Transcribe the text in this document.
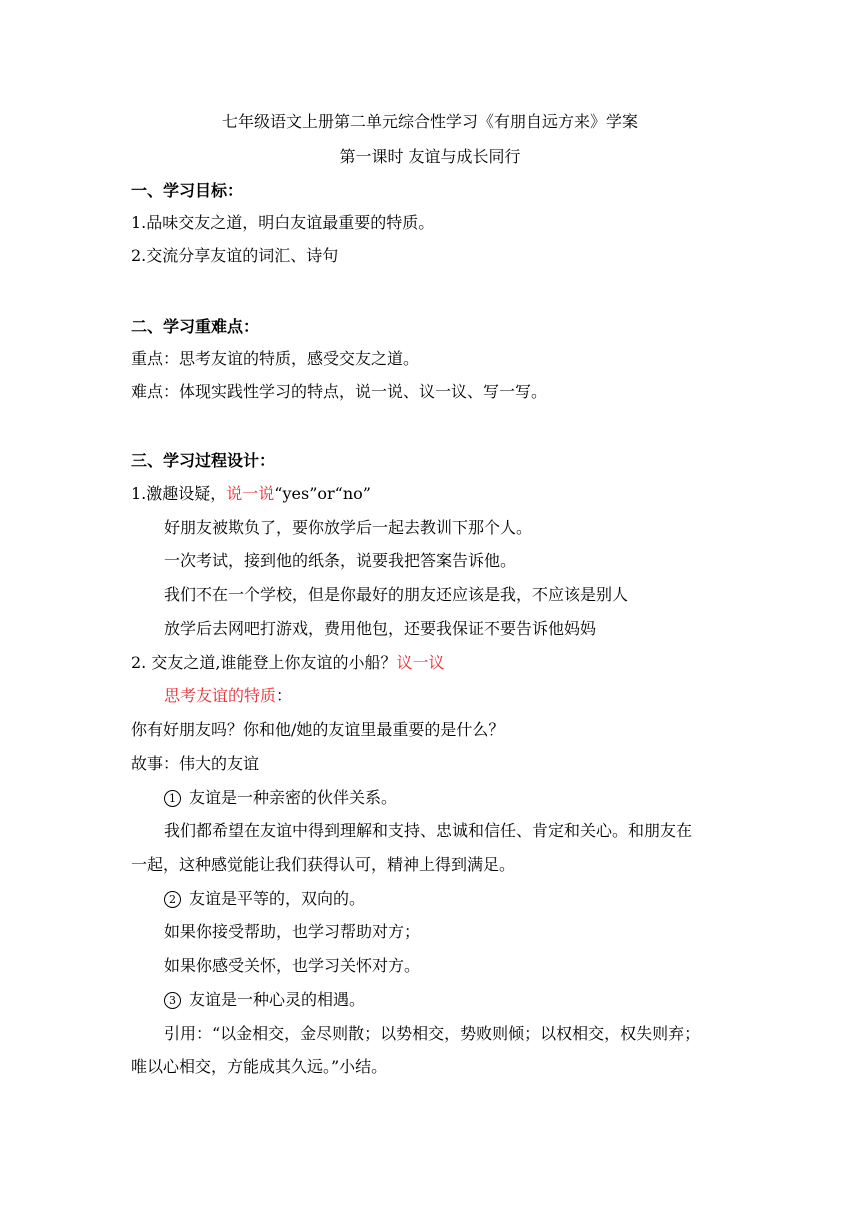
七年级语文上册第二单元综合性学习《有朋自远方来》学案
第一课时 友谊与成长同行
一、学习目标：
1.品味交友之道，明白友谊最重要的特质。
2.交流分享友谊的词汇、诗句
二、学习重难点：
重点：思考友谊的特质，感受交友之道。
难点：体现实践性学习的特点，说一说、议一议、写一写。
三、学习过程设计：
1.激趣设疑，说一说“yes”or“no”
好朋友被欺负了，要你放学后一起去教训下那个人。
一次考试，接到他的纸条，说要我把答案告诉他。
我们不在一个学校，但是你最好的朋友还应该是我，不应该是别人
放学后去网吧打游戏，费用他包，还要我保证不要告诉他妈妈
2. 交友之道,谁能登上你友谊的小船？议一议
思考友谊的特质：
你有好朋友吗？你和他/她的友谊里最重要的是什么？
故事：伟大的友谊
1 友谊是一种亲密的伙伴关系。
我们都希望在友谊中得到理解和支持、忠诚和信任、肯定和关心。和朋友在
一起，这种感觉能让我们获得认可，精神上得到满足。
2 友谊是平等的，双向的。
如果你接受帮助，也学习帮助对方；
如果你感受关怀，也学习关怀对方。
3 友谊是一种心灵的相遇。
引用：“以金相交，金尽则散；以势相交，势败则倾；以权相交，权失则弃；
唯以心相交，方能成其久远。”小结。
